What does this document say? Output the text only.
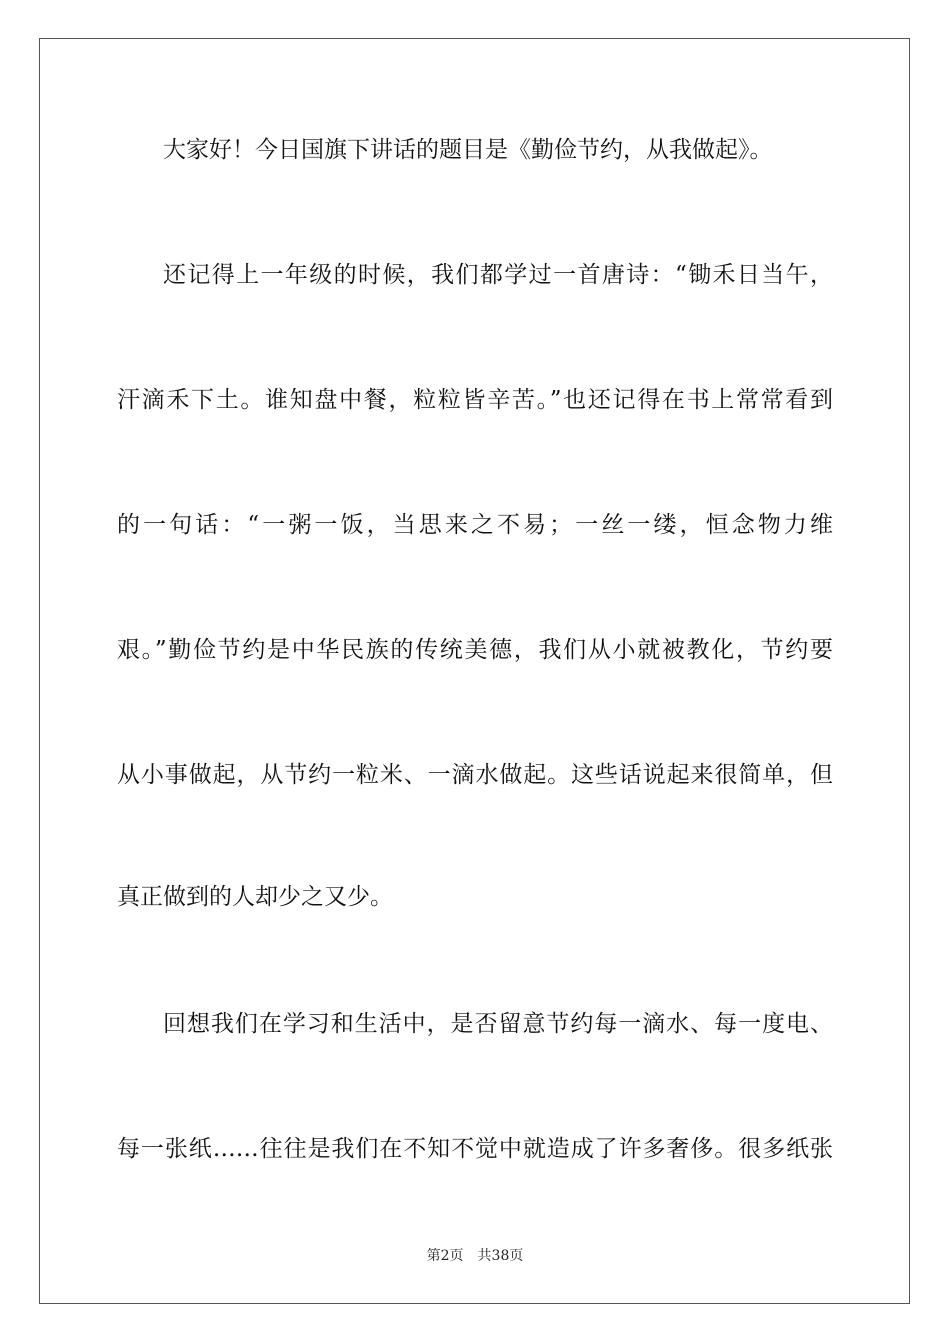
大家好！今日国旗下讲话的题目是《勤俭节约，从我做起》。
还记得上一年级的时候，我们都学过一首唐诗：“锄禾日当午，
汗滴禾下土。谁知盘中餐，粒粒皆辛苦。”也还记得在书上常常看到
的一句话：“一粥一饭，当思来之不易；一丝一缕，恒念物力维
艰。”勤俭节约是中华民族的传统美德，我们从小就被教化，节约要
从小事做起，从节约一粒米、一滴水做起。这些话说起来很简单，但
真正做到的人却少之又少。
回想我们在学习和生活中，是否留意节约每一滴水、每一度电、
每一张纸……往往是我们在不知不觉中就造成了许多奢侈。很多纸张
第2页 共38页
